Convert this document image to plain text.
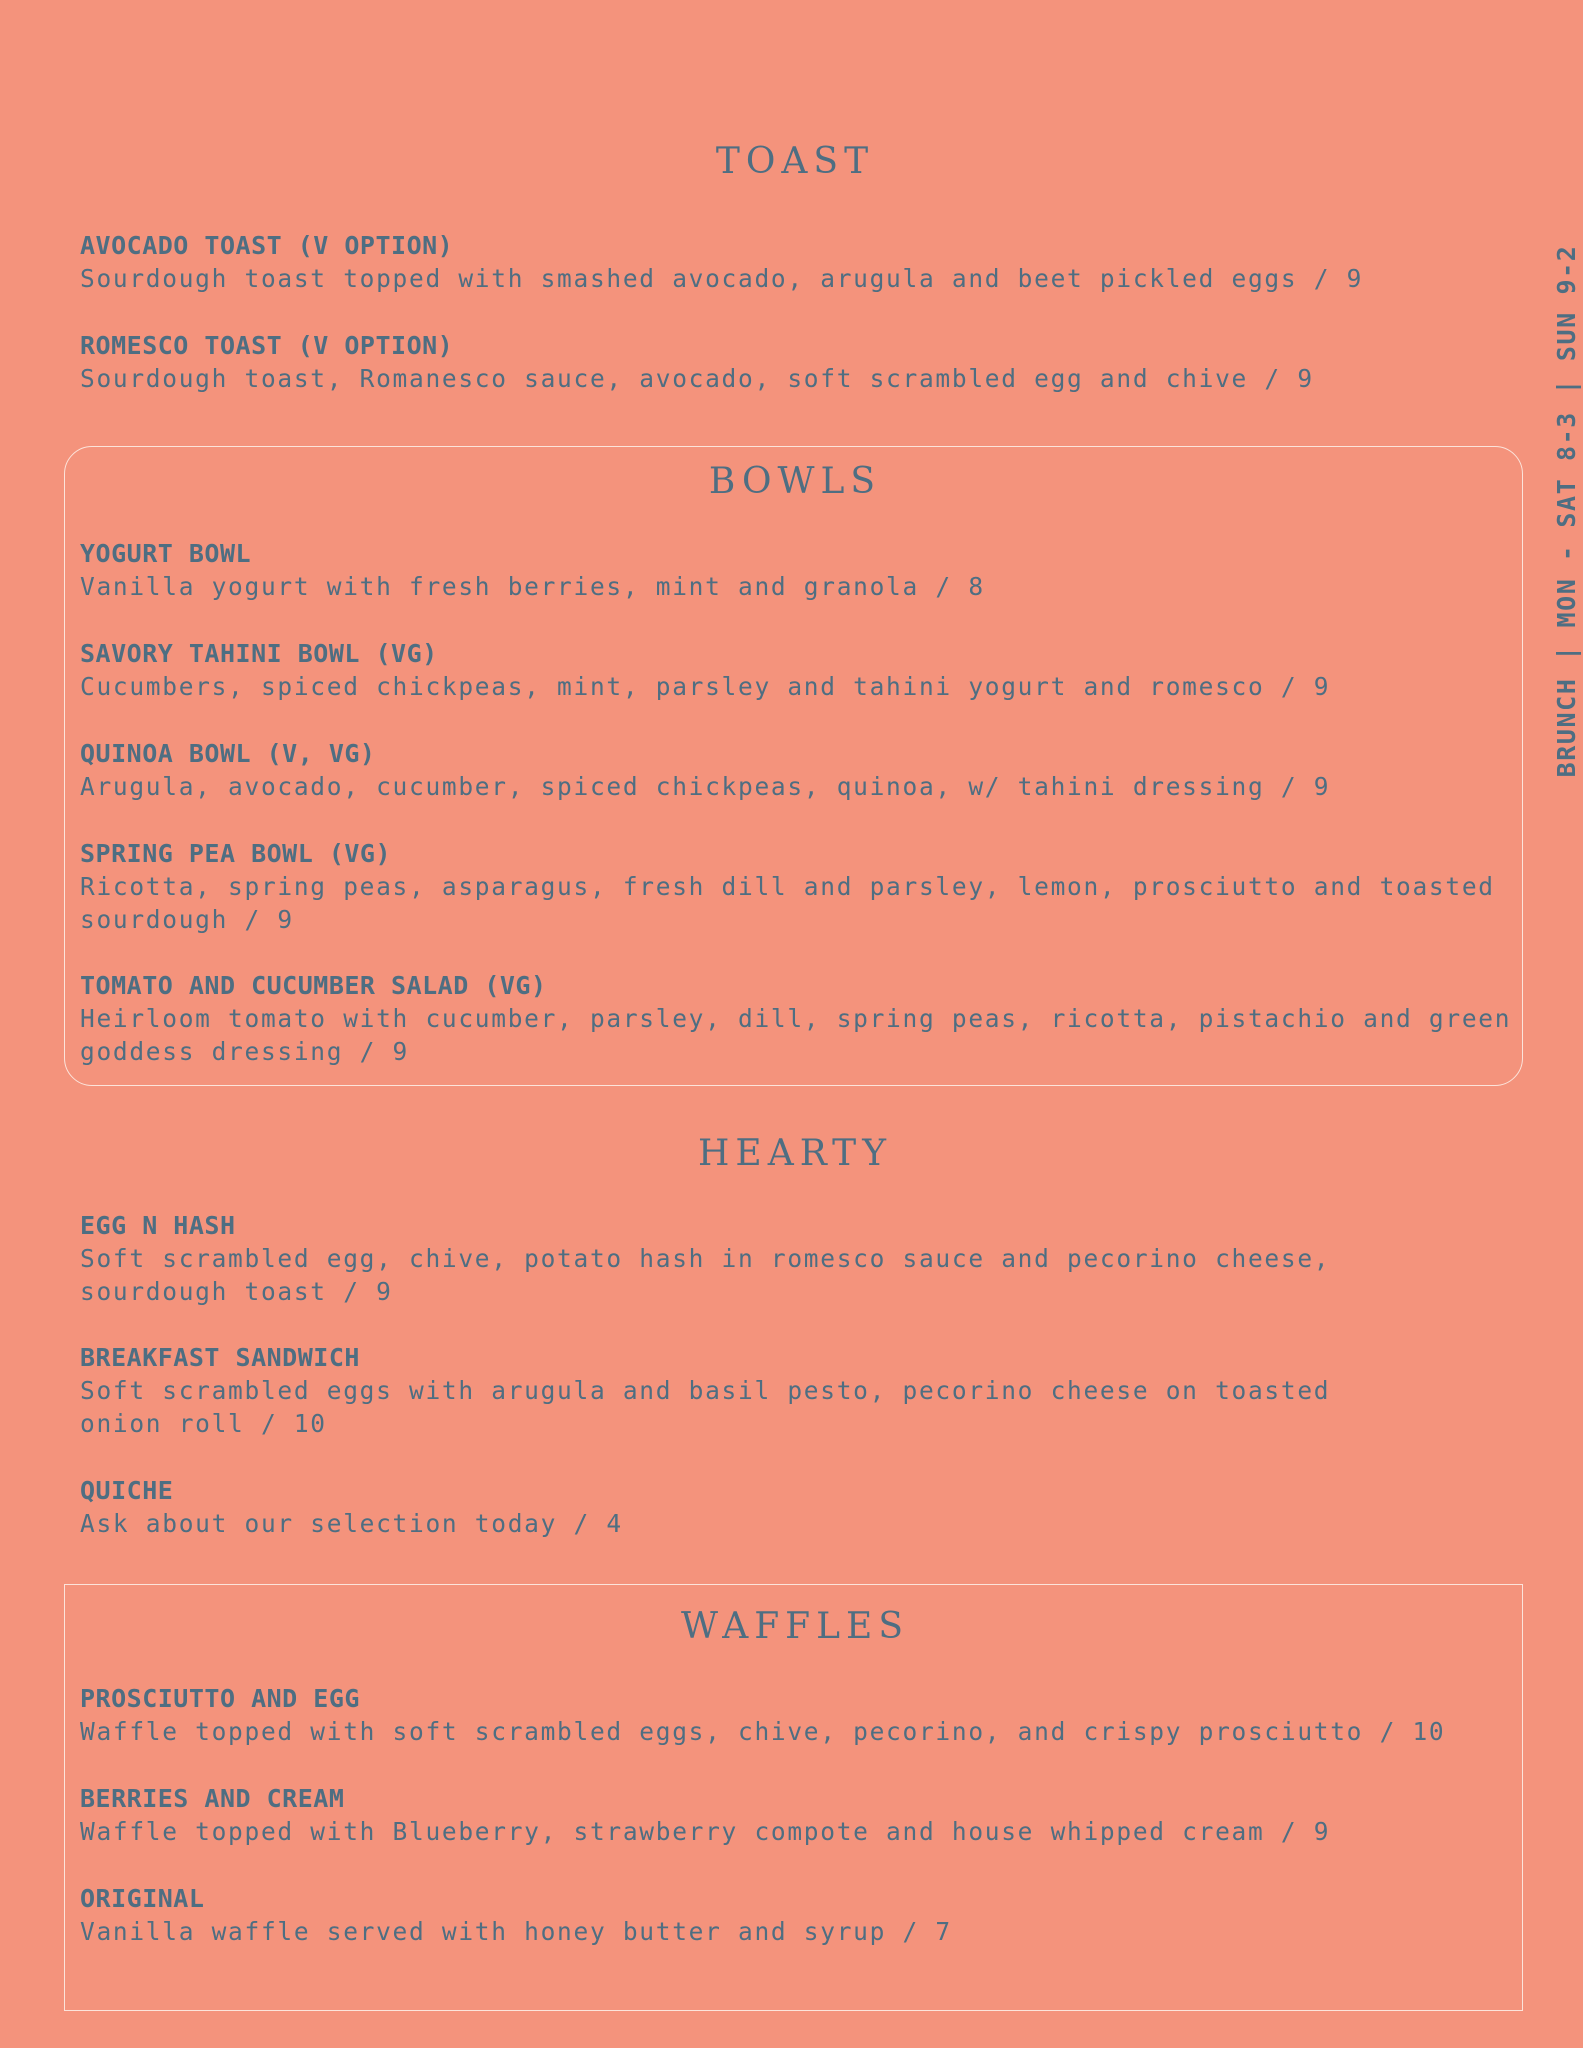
BRUNCH | MON - SAT 8-3 | SUN 9-2
TOAST
AVOCADO TOAST (V OPTION)
Sourdough toast topped with smashed avocado, arugula and beet pickled eggs / 9
ROMESCO TOAST (V OPTION)
Sourdough toast, Romanesco sauce, avocado, soft scrambled egg and chive / 9
BOWLS
YOGURT BOWL
Vanilla yogurt with fresh berries, mint and granola / 8
SAVORY TAHINI BOWL (VG)
Cucumbers, spiced chickpeas, mint, parsley and tahini yogurt and romesco / 9
QUINOA BOWL (V, VG)
Arugula, avocado, cucumber, spiced chickpeas, quinoa, w/ tahini dressing / 9
SPRING PEA BOWL (VG)
Ricotta, spring peas, asparagus, fresh dill and parsley, lemon, prosciutto and toasted
sourdough / 9
TOMATO AND CUCUMBER SALAD (VG)
Heirloom tomato with cucumber, parsley, dill, spring peas, ricotta, pistachio and green
goddess dressing / 9
HEARTY
EGG N HASH
Soft scrambled egg, chive, potato hash in romesco sauce and pecorino cheese,
sourdough toast / 9
BREAKFAST SANDWICH
Soft scrambled eggs with arugula and basil pesto, pecorino cheese on toasted
onion roll / 10
QUICHE
Ask about our selection today / 4
WAFFLES
PROSCIUTTO AND EGG
Waffle topped with soft scrambled eggs, chive, pecorino, and crispy prosciutto / 10
BERRIES AND CREAM
Waffle topped with Blueberry, strawberry compote and house whipped cream / 9
ORIGINAL
Vanilla waffle served with honey butter and syrup / 7
